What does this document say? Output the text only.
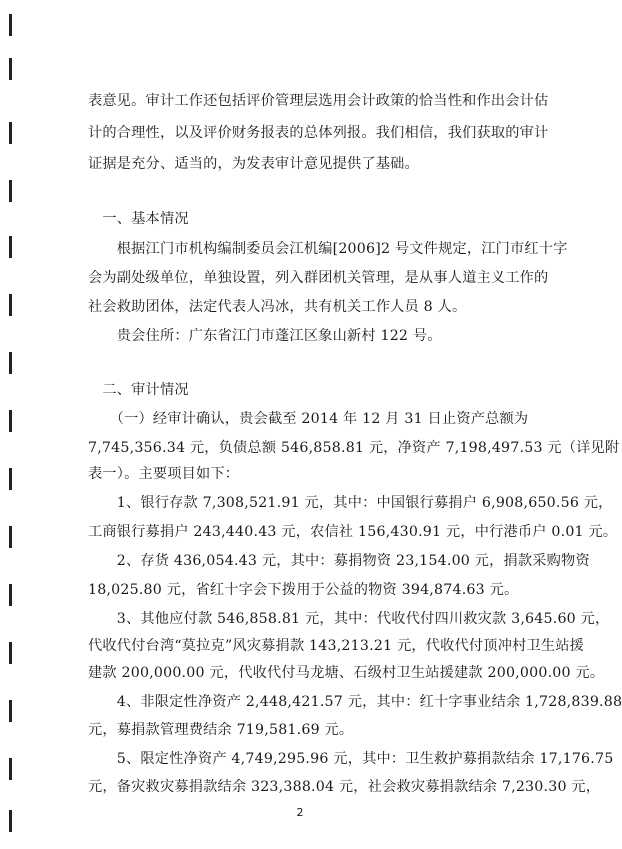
表意见。审计工作还包括评价管理层选用会计政策的恰当性和作出会计估
计的合理性，以及评价财务报表的总体列报。我们相信，我们获取的审计
证据是充分、适当的，为发表审计意见提供了基础。
　一、基本情况
　　根据江门市机构编制委员会江机编[2006]2 号文件规定，江门市红十字
会为副处级单位，单独设置，列入群团机关管理，是从事人道主义工作的
社会救助团体，法定代表人冯冰，共有机关工作人员 8 人。
　　贵会住所：广东省江门市蓬江区象山新村 122 号。
　二、审计情况
　　（一）经审计确认，贵会截至 2014 年 12 月 31 日止资产总额为
7,745,356.34 元，负债总额 546,858.81 元，净资产 7,198,497.53 元（详见附
表一）。主要项目如下：
　　1、银行存款 7,308,521.91 元，其中：中国银行募捐户 6,908,650.56 元，
工商银行募捐户 243,440.43 元，农信社 156,430.91 元，中行港币户 0.01 元。
　　2、存货 436,054.43 元，其中：募捐物资 23,154.00 元，捐款采购物资
18,025.80 元，省红十字会下拨用于公益的物资 394,874.63 元。
　　3、其他应付款 546,858.81 元，其中：代收代付四川救灾款 3,645.60 元，
代收代付台湾“莫拉克”风灾募捐款 143,213.21 元，代收代付顶冲村卫生站援
建款 200,000.00 元，代收代付马龙塘、石级村卫生站援建款 200,000.00 元。
　　4、非限定性净资产 2,448,421.57 元，其中：红十字事业结余 1,728,839.88
元，募捐款管理费结余 719,581.69 元。
　　5、限定性净资产 4,749,295.96 元，其中：卫生救护募捐款结余 17,176.75
元，备灾救灾募捐款结余 323,388.04 元，社会救灾募捐款结余 7,230.30 元，
2
